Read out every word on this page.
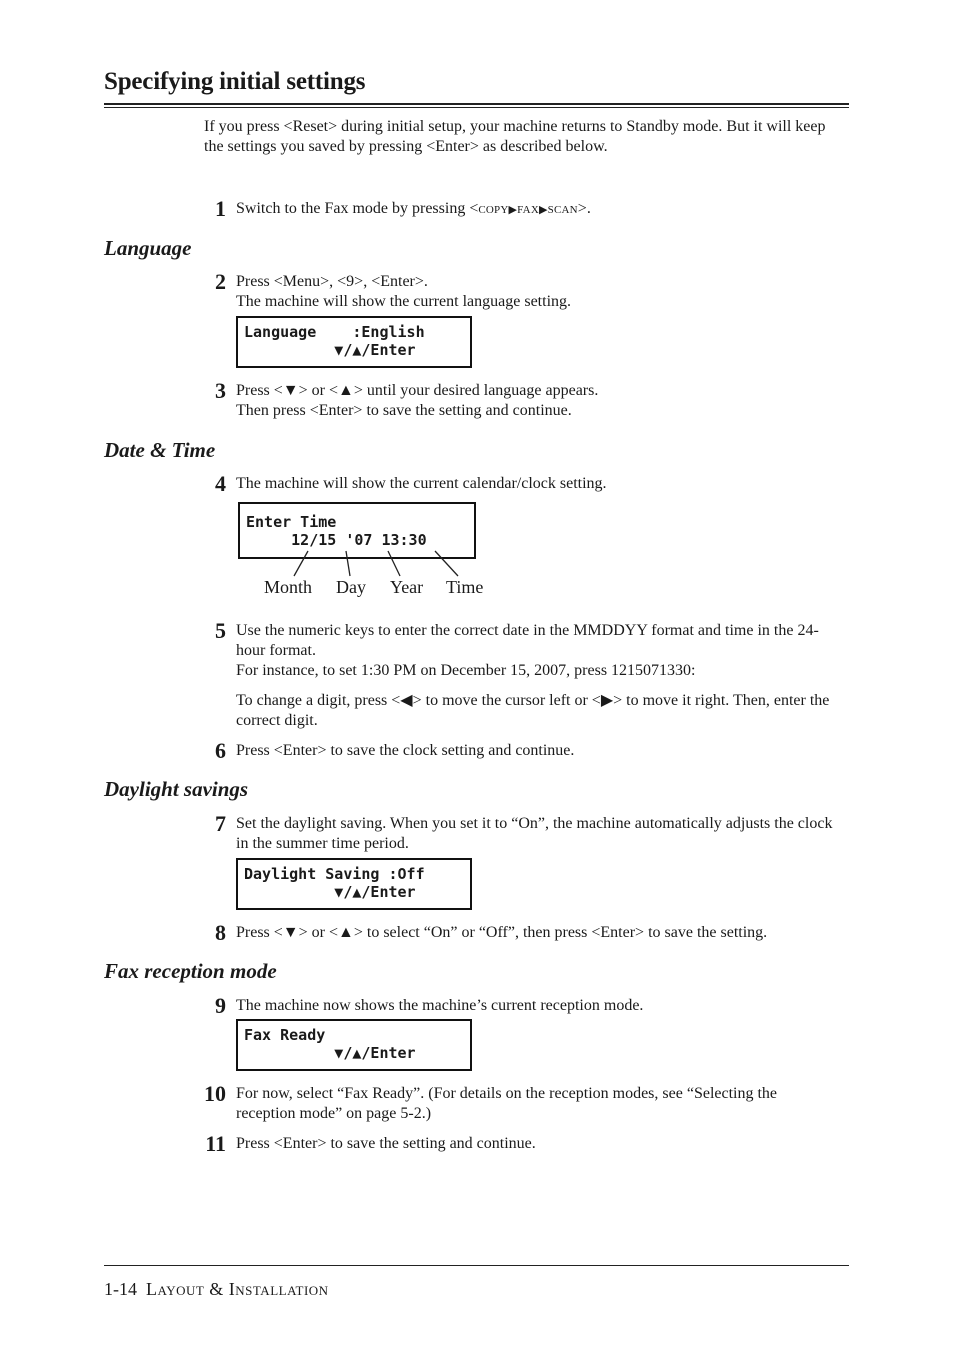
Specifying initial settings
If you press <Reset> during initial setup, your machine returns to Standby mode. But it will keep the settings you saved by pressing <Enter> as described below.
1 Switch to the Fax mode by pressing <COPY▶FAX▶SCAN>.
Language
2 Press <Menu>, <9>, <Enter>.
The machine will show the current language setting.
Language    :English
▼/▲/Enter
3 Press <▼> or <▲> until your desired language appears.
Then press <Enter> to save the setting and continue.
Date & Time
4 The machine will show the current calendar/clock setting.
Enter Time
12/15 '07 13:30
Month Day Year Time
5 Use the numeric keys to enter the correct date in the MMDDYY format and time in the 24-hour format.
For instance, to set 1:30 PM on December 15, 2007, press 1215071330:
To change a digit, press <◀> to move the cursor left or <▶> to move it right. Then, enter the correct digit.
6 Press <Enter> to save the clock setting and continue.
Daylight savings
7 Set the daylight saving. When you set it to “On”, the machine automatically adjusts the clock in the summer time period.
Daylight Saving :Off
▼/▲/Enter
8 Press <▼> or <▲> to select “On” or “Off”, then press <Enter> to save the setting.
Fax reception mode
9 The machine now shows the machine’s current reception mode.
Fax Ready
▼/▲/Enter
10 For now, select “Fax Ready”. (For details on the reception modes, see “Selecting the reception mode” on page 5-2.)
11 Press <Enter> to save the setting and continue.
1-14 Layout & Installation
